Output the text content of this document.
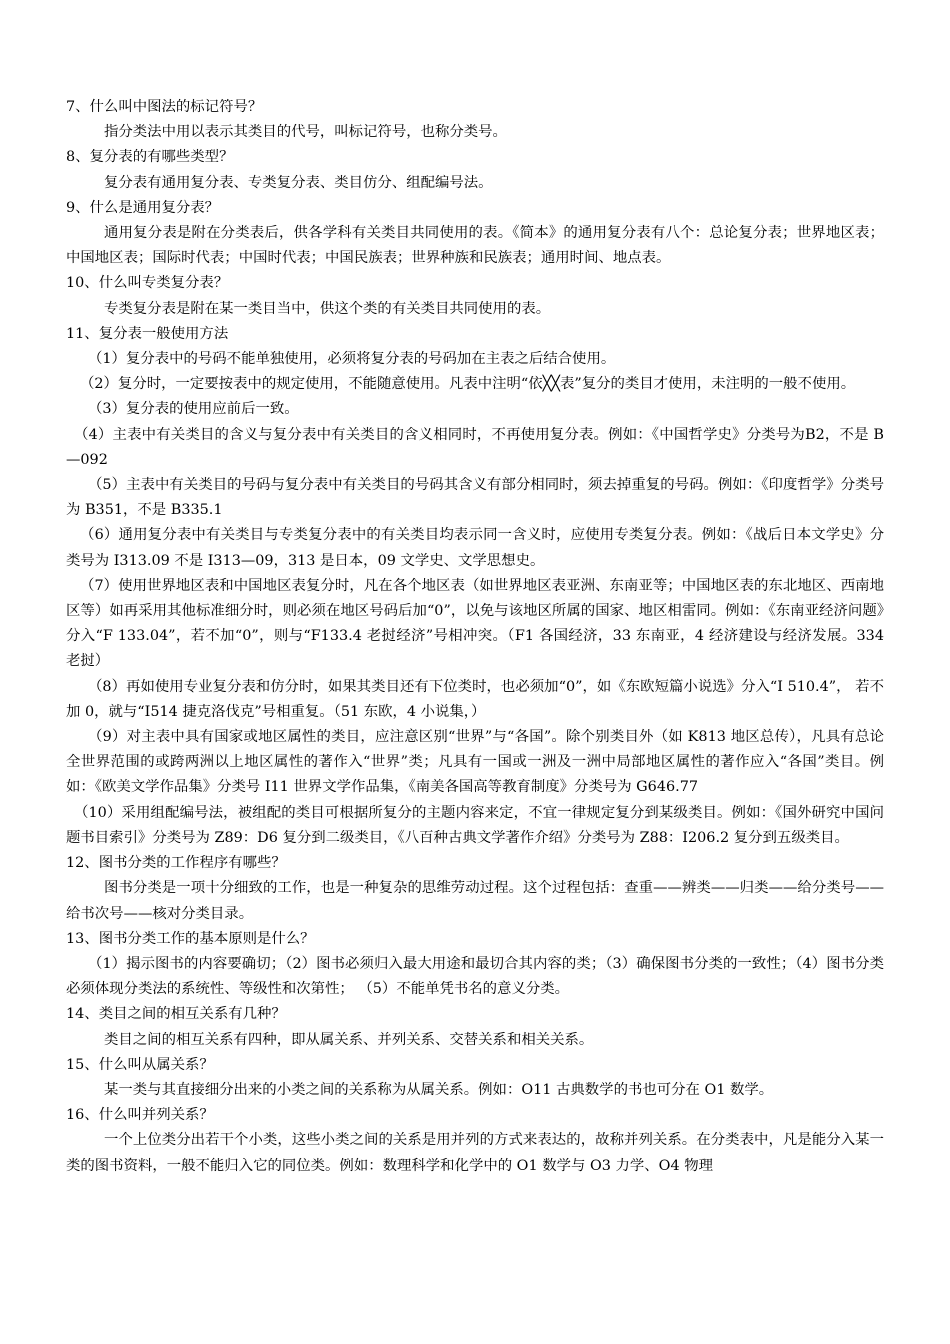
7、什么叫中图法的标记符号？

指分类法中用以表示其类目的代号，叫标记符号，也称分类号。

8、复分表的有哪些类型？

复分表有通用复分表、专类复分表、类目仿分、组配编号法。

9、什么是通用复分表？

通用复分表是附在分类表后，供各学科有关类目共同使用的表。《简本》的通用复分表有八个：总论复分表；世界地区表；中国地区表；国际时代表；中国时代表；中国民族表；世界种族和民族表；通用时间、地点表。

10、什么叫专类复分表？

专类复分表是附在某一类目当中，供这个类的有关类目共同使用的表。

11、复分表一般使用方法

（1）复分表中的号码不能单独使用，必须将复分表的号码加在主表之后结合使用。

（2）复分时，一定要按表中的规定使用，不能随意使用。凡表中注明“依╳╳表”复分的类目才使用，未注明的一般不使用。

（3）复分表的使用应前后一致。

（4）主表中有关类目的含义与复分表中有关类目的含义相同时，不再使用复分表。例如：《中国哲学史》分类号为B2，不是 B—092

（5）主表中有关类目的号码与复分表中有关类目的号码其含义有部分相同时，须去掉重复的号码。例如：《印度哲学》分类号为 B351，不是 B335.1

（6）通用复分表中有关类目与专类复分表中的有关类目均表示同一含义时，应使用专类复分表。例如：《战后日本文学史》分类号为 I313.09 不是 I313—09，313 是日本，09 文学史、文学思想史。

（7）使用世界地区表和中国地区表复分时，凡在各个地区表（如世界地区表亚洲、东南亚等；中国地区表的东北地区、西南地区等）如再采用其他标准细分时，则必须在地区号码后加“0”，以免与该地区所属的国家、地区相雷同。例如：《东南亚经济问题》分入“F 133.04”，若不加“0”，则与“F133.4 老挝经济”号相冲突。（F1 各国经济，33 东南亚，4 经济建设与经济发展。334 老挝）

（8）再如使用专业复分表和仿分时，如果其类目还有下位类时，也必须加“0”，如《东欧短篇小说选》分入“I 510.4”， 若不加 0，就与“I514 捷克洛伐克”号相重复。（51 东欧，4 小说集，）

（9）对主表中具有国家或地区属性的类目，应注意区别“世界”与“各国”。除个别类目外（如 K813 地区总传），凡具有总论全世界范围的或跨两洲以上地区属性的著作入“世界”类；凡具有一国或一洲及一洲中局部地区属性的著作应入“各国”类目。例如：《欧美文学作品集》分类号 I11 世界文学作品集，《南美各国高等教育制度》分类号为 G646.77

（10）采用组配编号法，被组配的类目可根据所复分的主题内容来定，不宜一律规定复分到某级类目。例如：《国外研究中国问题书目索引》分类号为 Z89：D6 复分到二级类目，《八百种古典文学著作介绍》分类号为 Z88：I206.2 复分到五级类目。

12、图书分类的工作程序有哪些？

图书分类是一项十分细致的工作，也是一种复杂的思维劳动过程。这个过程包括：查重——辨类——归类——给分类号——给书次号——核对分类目录。

13、图书分类工作的基本原则是什么？

（1）揭示图书的内容要确切；（2）图书必须归入最大用途和最切合其内容的类；（3）确保图书分类的一致性；（4）图书分类必须体现分类法的系统性、等级性和次第性； （5）不能单凭书名的意义分类。

14、类目之间的相互关系有几种？

类目之间的相互关系有四种，即从属关系、并列关系、交替关系和相关关系。

15、什么叫从属关系？

某一类与其直接细分出来的小类之间的关系称为从属关系。例如：O11 古典数学的书也可分在 O1 数学。

16、什么叫并列关系？

一个上位类分出若干个小类，这些小类之间的关系是用并列的方式来表达的，故称并列关系。在分类表中，凡是能分入某一类的图书资料，一般不能归入它的同位类。例如：数理科学和化学中的 O1 数学与 O3 力学、O4 物理
